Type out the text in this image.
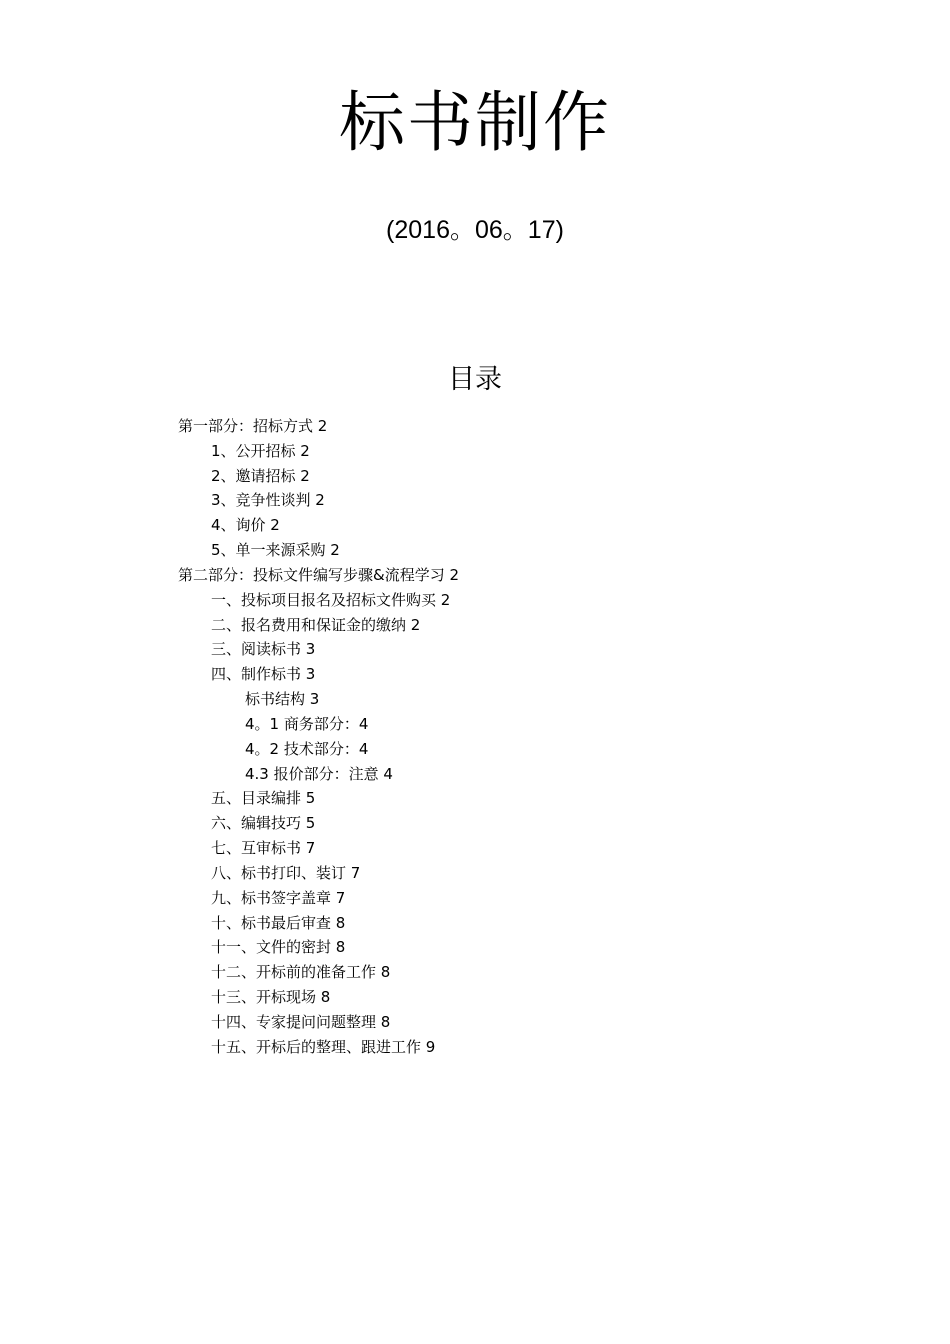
标书制作
(2016。06。17)
目录
第一部分：招标方式 2
1、公开招标 2
2、邀请招标 2
3、竞争性谈判 2
4、询价 2
5、单一来源采购 2
第二部分：投标文件编写步骤&流程学习 2
一、投标项目报名及招标文件购买 2
二、报名费用和保证金的缴纳 2
三、阅读标书 3
四、制作标书 3
标书结构 3
4。1 商务部分：4
4。2 技术部分：4
4.3 报价部分：注意 4
五、目录编排 5
六、编辑技巧 5
七、互审标书 7
八、标书打印、装订 7
九、标书签字盖章 7
十、标书最后审查 8
十一、文件的密封 8
十二、开标前的准备工作 8
十三、开标现场 8
十四、专家提问问题整理 8
十五、开标后的整理、跟进工作 9
